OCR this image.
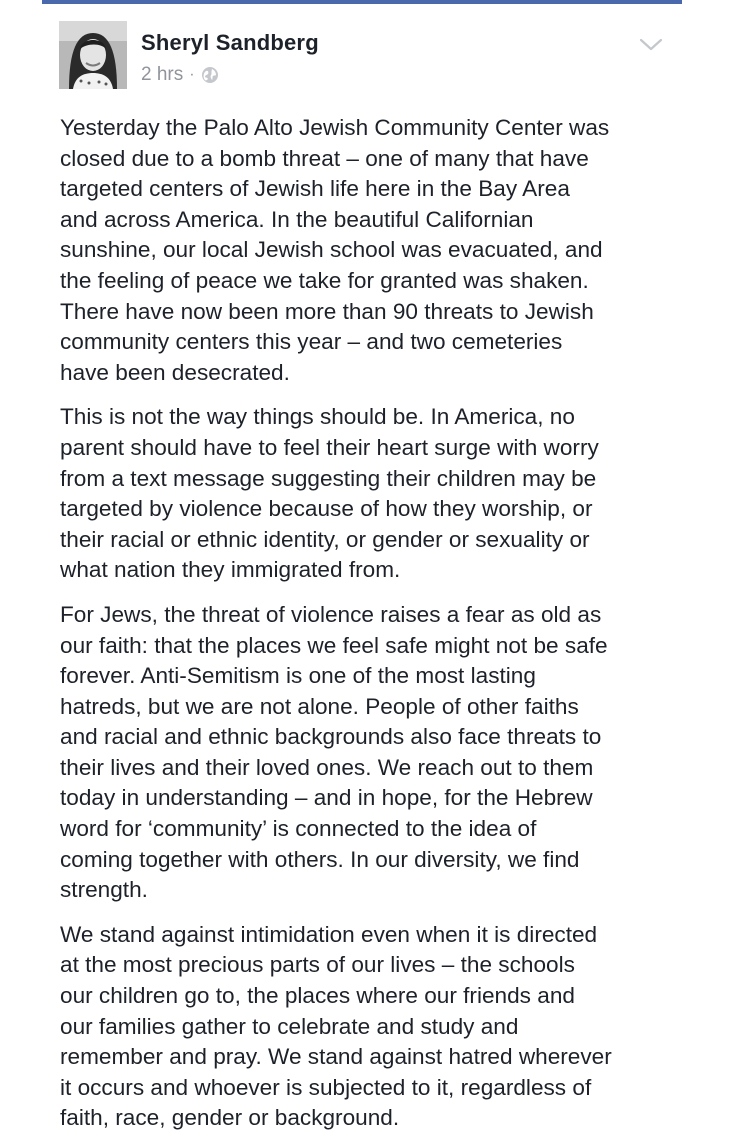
Sheryl Sandberg
2 hrs ·

Yesterday the Palo Alto Jewish Community Center was
closed due to a bomb threat – one of many that have
targeted centers of Jewish life here in the Bay Area
and across America. In the beautiful Californian
sunshine, our local Jewish school was evacuated, and
the feeling of peace we take for granted was shaken.
There have now been more than 90 threats to Jewish
community centers this year – and two cemeteries
have been desecrated.

This is not the way things should be. In America, no
parent should have to feel their heart surge with worry
from a text message suggesting their children may be
targeted by violence because of how they worship, or
their racial or ethnic identity, or gender or sexuality or
what nation they immigrated from.

For Jews, the threat of violence raises a fear as old as
our faith: that the places we feel safe might not be safe
forever. Anti-Semitism is one of the most lasting
hatreds, but we are not alone. People of other faiths
and racial and ethnic backgrounds also face threats to
their lives and their loved ones. We reach out to them
today in understanding – and in hope, for the Hebrew
word for ‘community’ is connected to the idea of
coming together with others. In our diversity, we find
strength.

We stand against intimidation even when it is directed
at the most precious parts of our lives – the schools
our children go to, the places where our friends and
our families gather to celebrate and study and
remember and pray. We stand against hatred wherever
it occurs and whoever is subjected to it, regardless of
faith, race, gender or background.
